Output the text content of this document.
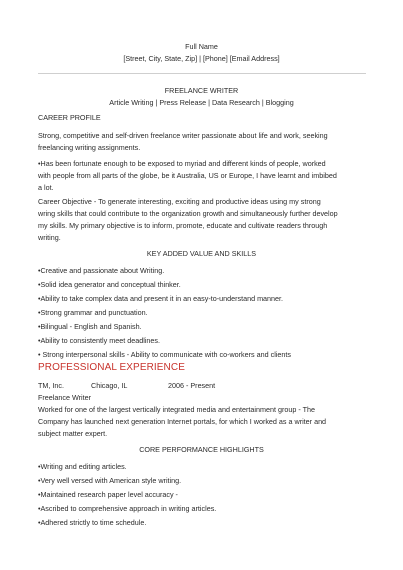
Full Name
[Street, City, State, Zip] | [Phone] [Email Address]
FREELANCE WRITER
Article Writing | Press Release | Data Research | Blogging
CAREER PROFILE
Strong, competitive and self-driven freelance writer passionate about life and work, seeking
freelancing writing assignments.
•Has been fortunate enough to be exposed to myriad and different kinds of people, worked
with people from all parts of the globe, be it Australia, US or Europe, I have learnt and imbibed
a lot.
Career Objective - To generate interesting, exciting and productive ideas using my strong
wring skills that could contribute to the organization growth and simultaneously further develop
my skills. My primary objective is to inform, promote, educate and cultivate readers through
writing.
KEY ADDED VALUE AND SKILLS
•Creative and passionate about Writing.
•Solid idea generator and conceptual thinker.
•Ability to take complex data and present it in an easy-to-understand manner.
•Strong grammar and punctuation.
•Bilingual - English and Spanish.
•Ability to consistently meet deadlines.
• Strong interpersonal skills - Ability to communicate with co-workers and clients
PROFESSIONAL EXPERIENCE
TM, Inc.	Chicago, IL	2006 - Present
Freelance Writer
Worked for one of the largest vertically integrated media and entertainment group - The
Company has launched next generation Internet portals, for which I worked as a writer and
subject matter expert.
CORE PERFORMANCE HIGHLIGHTS
•Writing and editing articles.
•Very well versed with American style writing.
•Maintained research paper level accuracy -
•Ascribed to comprehensive approach in writing articles.
•Adhered strictly to time schedule.
